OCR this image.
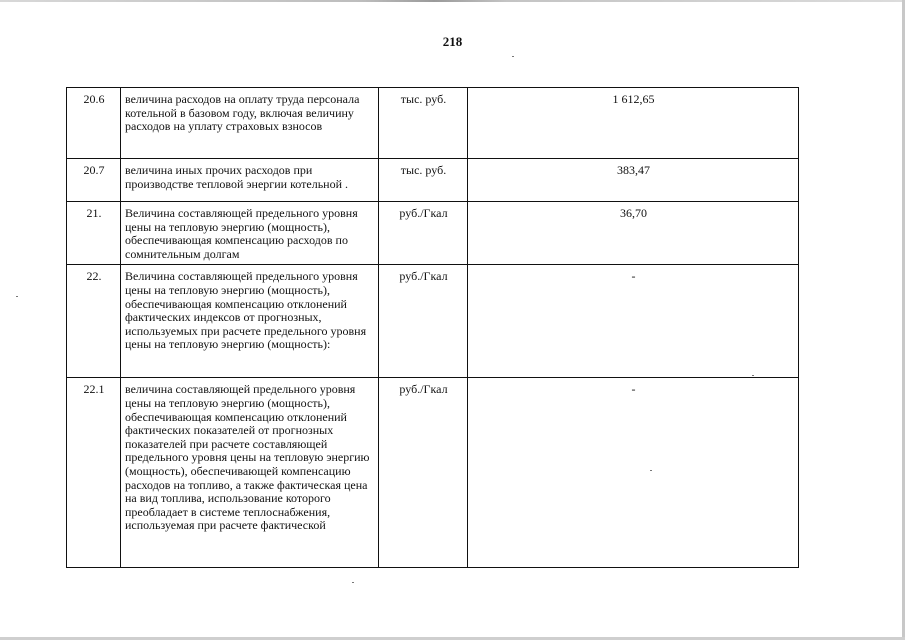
218
20.6	величина расходов на оплату труда персонала котельной в базовом году, включая величину расходов на уплату страховых взносов	тыс. руб.	1 612,65
20.7	величина иных прочих расходов при производстве тепловой энергии котельной .	тыс. руб.	383,47
21.	Величина составляющей предельного уровня цены на тепловую энергию (мощность), обеспечивающая компенсацию расходов по сомнительным долгам	руб./Гкал	36,70
22.	Величина составляющей предельного уровня цены на тепловую энергию (мощность), обеспечивающая компенсацию отклонений фактических индексов от прогнозных, используемых при расчете предельного уровня цены на тепловую энергию (мощность):	руб./Гкал	-
22.1	величина составляющей предельного уровня цены на тепловую энергию (мощность), обеспечивающая компенсацию отклонений фактических показателей от прогнозных показателей при расчете составляющей предельного уровня цены на тепловую энергию (мощность), обеспечивающей компенсацию расходов на топливо, а также фактическая цена на вид топлива, использование которого преобладает в системе теплоснабжения, используемая при расчете фактической	руб./Гкал	-
